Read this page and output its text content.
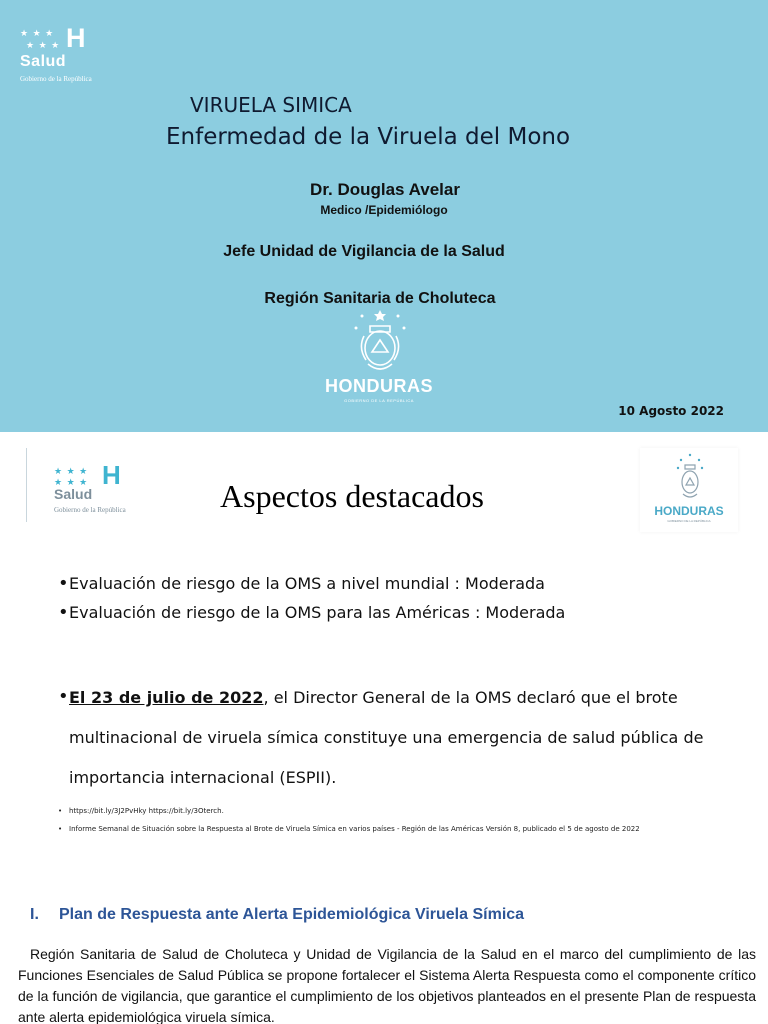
★ ★ ★
★ ★ ★ H
Salud
Gobierno de la República
VIRUELA SIMICA
Enfermedad de la Viruela del Mono
Dr. Douglas Avelar
Medico /Epidemiólogo
Jefe Unidad de Vigilancia de la Salud
Región Sanitaria de Choluteca
HONDURAS
GOBIERNO DE LA REPÚBLICA
10 Agosto 2022
★ ★ ★
★ ★ ★ H
Salud
Gobierno de la República	Aspectos destacados	HONDURAS
GOBIERNO DE LA REPÚBLICA
• Evaluación de riesgo de la OMS a nivel mundial : Moderada
• Evaluación de riesgo de la OMS para las Américas : Moderada
• El 23 de julio de 2022, el Director General de la OMS declaró que el brote multinacional de viruela símica constituye una emergencia de salud pública de importancia internacional (ESPII).
• https://bit.ly/3J2PvHky https://bit.ly/3Oterch.
• Informe Semanal de Situación sobre la Respuesta al Brote de Viruela Símica en varios países - Región de las Américas Versión 8, publicado el 5 de agosto de 2022
I. Plan de Respuesta ante Alerta Epidemiológica Viruela Símica
Región Sanitaria de Salud de Choluteca y Unidad de Vigilancia de la Salud en el marco del cumplimiento de las Funciones Esenciales de Salud Pública se propone fortalecer el Sistema Alerta Respuesta como el componente crítico de la función de vigilancia, que garantice el cumplimiento de los objetivos planteados en el presente Plan de respuesta ante alerta epidemiológica viruela símica.
